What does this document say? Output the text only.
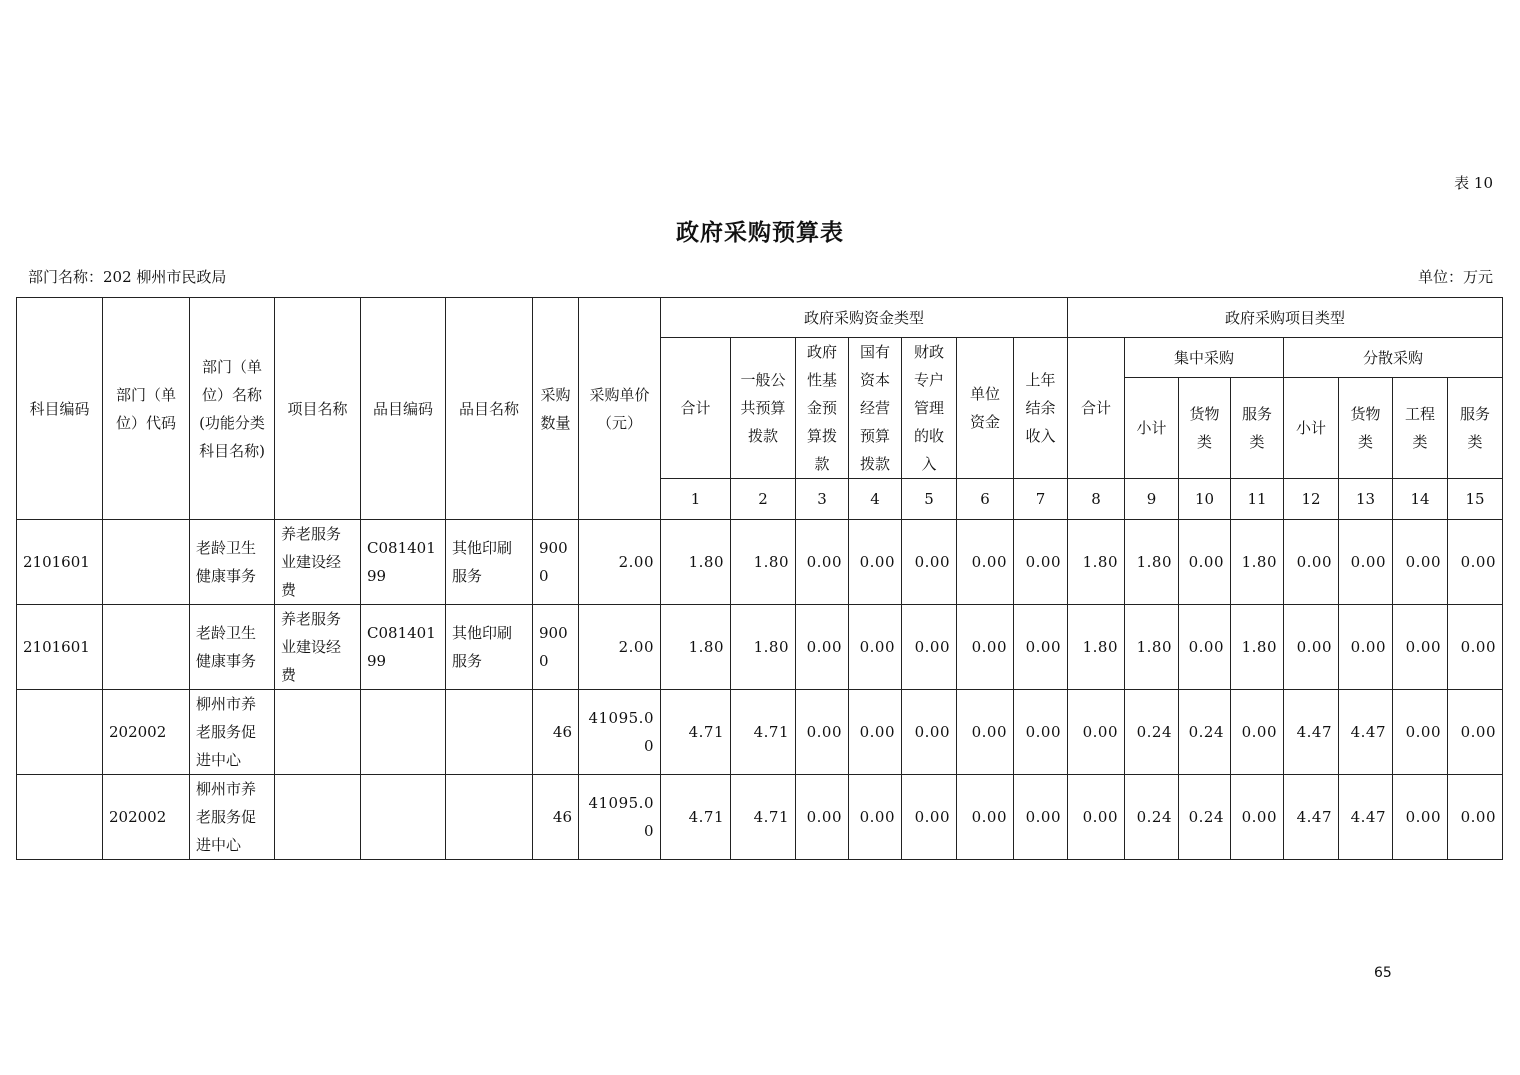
表 10
政府采购预算表
部门名称：202 柳州市民政局	单位：万元
科目编码	部门（单位）代码	部门（单位）名称(功能分类科目名称)	项目名称	品目编码	品目名称	采购数量	采购单价（元）	政府采购资金类型							政府采购项目类型							
								合计	一般公共预算拨款	政府性基金预算拨款	国有资本经营预算拨款	财政专户管理的收入	单位资金	上年结余收入	合计	集中采购			分散采购			
																小计	货物类	服务类	小计	货物类	工程类	服务类
								1	2	3	4	5	6	7	8	9	10	11	12	13	14	15
2101601		老龄卫生健康事务	养老服务业建设经费	C08140199	其他印刷服务	9000	2.00	1.80	1.80	0.00	0.00	0.00	0.00	0.00	1.80	1.80	0.00	1.80	0.00	0.00	0.00	0.00
2101601		老龄卫生健康事务	养老服务业建设经费	C08140199	其他印刷服务	9000	2.00	1.80	1.80	0.00	0.00	0.00	0.00	0.00	1.80	1.80	0.00	1.80	0.00	0.00	0.00	0.00
	202002	柳州市养老服务促进中心				46	41095.00	4.71	4.71	0.00	0.00	0.00	0.00	0.00	0.00	0.24	0.24	0.00	4.47	4.47	0.00	0.00
	202002	柳州市养老服务促进中心				46	41095.00	4.71	4.71	0.00	0.00	0.00	0.00	0.00	0.00	0.24	0.24	0.00	4.47	4.47	0.00	0.00
65
